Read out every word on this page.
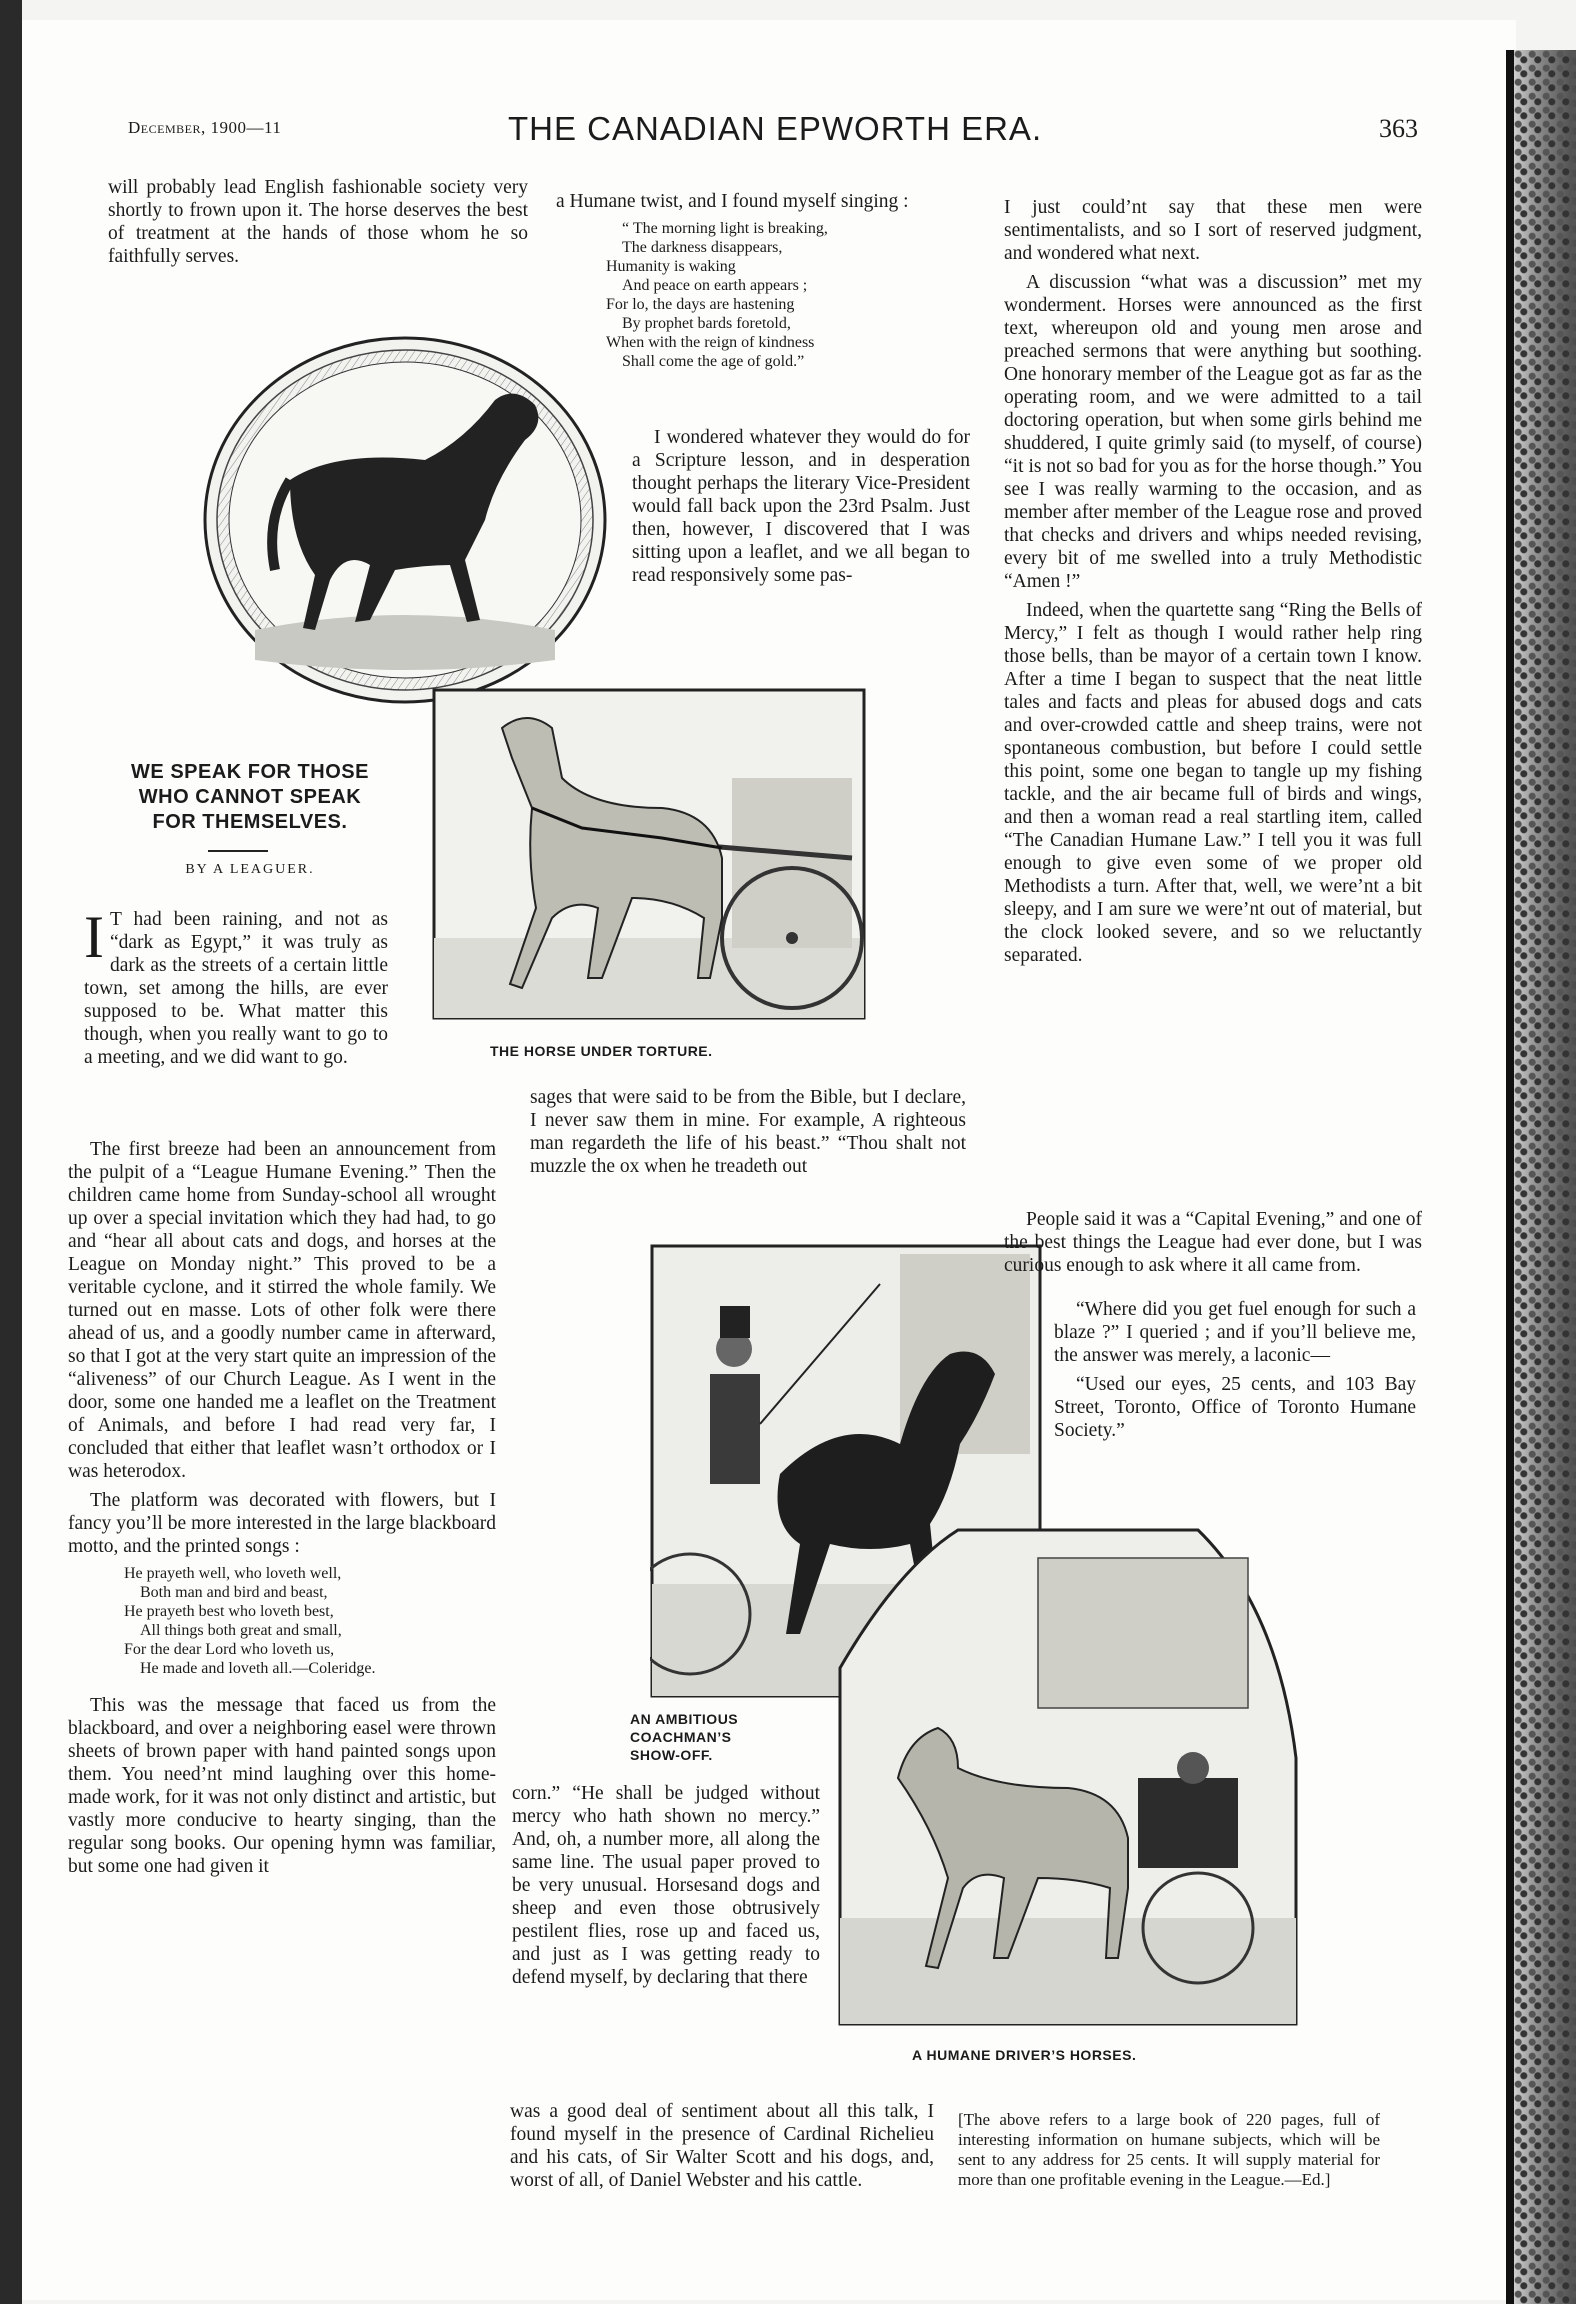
December, 1900—11	THE CANADIAN EPWORTH ERA.	363

will probably lead English fashionable society very shortly to frown upon it. The horse deserves the best of treatment at the hands of those whom he so faithfully serves.

WE SPEAK FOR THOSE
WHO CANNOT SPEAK
FOR THEMSELVES.
BY A LEAGUER.

I T had been raining, and not as “dark as Egypt,” it was truly as dark as the streets of a certain little town, set among the hills, are ever supposed to be. What matter this though, when you really want to go to a meeting, and we did want to go.

The first breeze had been an announcement from the pulpit of a “League Humane Evening.” Then the children came home from Sunday-school all wrought up over a special invitation which they had had, to go and “hear all about cats and dogs, and horses at the League on Monday night.” This proved to be a veritable cyclone, and it stirred the whole family. We turned out en masse. Lots of other folk were there ahead of us, and a goodly number came in afterward, so that I got at the very start quite an impression of the “aliveness” of our Church League. As I went in the door, some one handed me a leaflet on the Treatment of Animals, and before I had read very far, I concluded that either that leaflet wasn’t orthodox or I was heterodox.

The platform was decorated with flowers, but I fancy you’ll be more interested in the large blackboard motto, and the printed songs :

He prayeth well, who loveth well,
Both man and bird and beast,
He prayeth best who loveth best,
All things both great and small,
For the dear Lord who loveth us,
He made and loveth all.—Coleridge.

This was the message that faced us from the blackboard, and over a neighboring easel were thrown sheets of brown paper with hand painted songs upon them. You need’nt mind laughing over this home-made work, for it was not only distinct and artistic, but vastly more conducive to hearty singing, than the regular song books. Our opening hymn was familiar, but some one had given it

a Humane twist, and I found myself singing :

“ The morning light is breaking,
The darkness disappears,
Humanity is waking
And peace on earth appears ;
For lo, the days are hastening
By prophet bards foretold,
When with the reign of kindness
Shall come the age of gold.”

I wondered whatever they would do for a Scripture lesson, and in desperation thought perhaps the literary Vice-President would fall back upon the 23rd Psalm. Just then, however, I discovered that I was sitting upon a leaflet, and we all began to read responsively some pas-

THE HORSE UNDER TORTURE.

sages that were said to be from the Bible, but I declare, I never saw them in mine. For example, A righteous man regardeth the life of his beast.” “Thou shalt not muzzle the ox when he treadeth out

AN AMBITIOUS
COACHMAN’S
SHOW-OFF.
A HUMANE DRIVER’S HORSES.

corn.” “He shall be judged without mercy who hath shown no mercy.” And, oh, a number more, all along the same line. The usual paper proved to be very unusual. Horsesand dogs and sheep and even those obtrusively pestilent flies, rose up and faced us, and just as I was getting ready to defend myself, by declaring that there

was a good deal of sentiment about all this talk, I found myself in the presence of Cardinal Richelieu and his cats, of Sir Walter Scott and his dogs, and, worst of all, of Daniel Webster and his cattle.

I just could’nt say that these men were sentimentalists, and so I sort of reserved judgment, and wondered what next.

A discussion “what was a discussion” met my wonderment. Horses were announced as the first text, whereupon old and young men arose and preached sermons that were anything but soothing. One honorary member of the League got as far as the operating room, and we were admitted to a tail doctoring operation, but when some girls behind me shuddered, I quite grimly said (to myself, of course) “it is not so bad for you as for the horse though.” You see I was really warming to the occasion, and as member after member of the League rose and proved that checks and drivers and whips needed revising, every bit of me swelled into a truly Methodistic “Amen !”

Indeed, when the quartette sang “Ring the Bells of Mercy,” I felt as though I would rather help ring those bells, than be mayor of a certain town I know. After a time I began to suspect that the neat little tales and facts and pleas for abused dogs and cats and over-crowded cattle and sheep trains, were not spontaneous combustion, but before I could settle this point, some one began to tangle up my fishing tackle, and the air became full of birds and wings, and then a woman read a real startling item, called “The Canadian Humane Law.” I tell you it was full enough to give even some of we proper old Methodists a turn. After that, well, we were’nt a bit sleepy, and I am sure we were’nt out of material, but the clock looked severe, and so we reluctantly separated.

People said it was a “Capital Evening,” and one of the best things the League had ever done, but I was curious enough to ask where it all came from.

“Where did you get fuel enough for such a blaze ?” I queried ; and if you’ll believe me, the answer was merely, a laconic—

“Used our eyes, 25 cents, and 103 Bay Street, Toronto, Office of Toronto Humane Society.”

[The above refers to a large book of 220 pages, full of interesting information on humane subjects, which will be sent to any address for 25 cents. It will supply material for more than one profitable evening in the League.—Ed.]
